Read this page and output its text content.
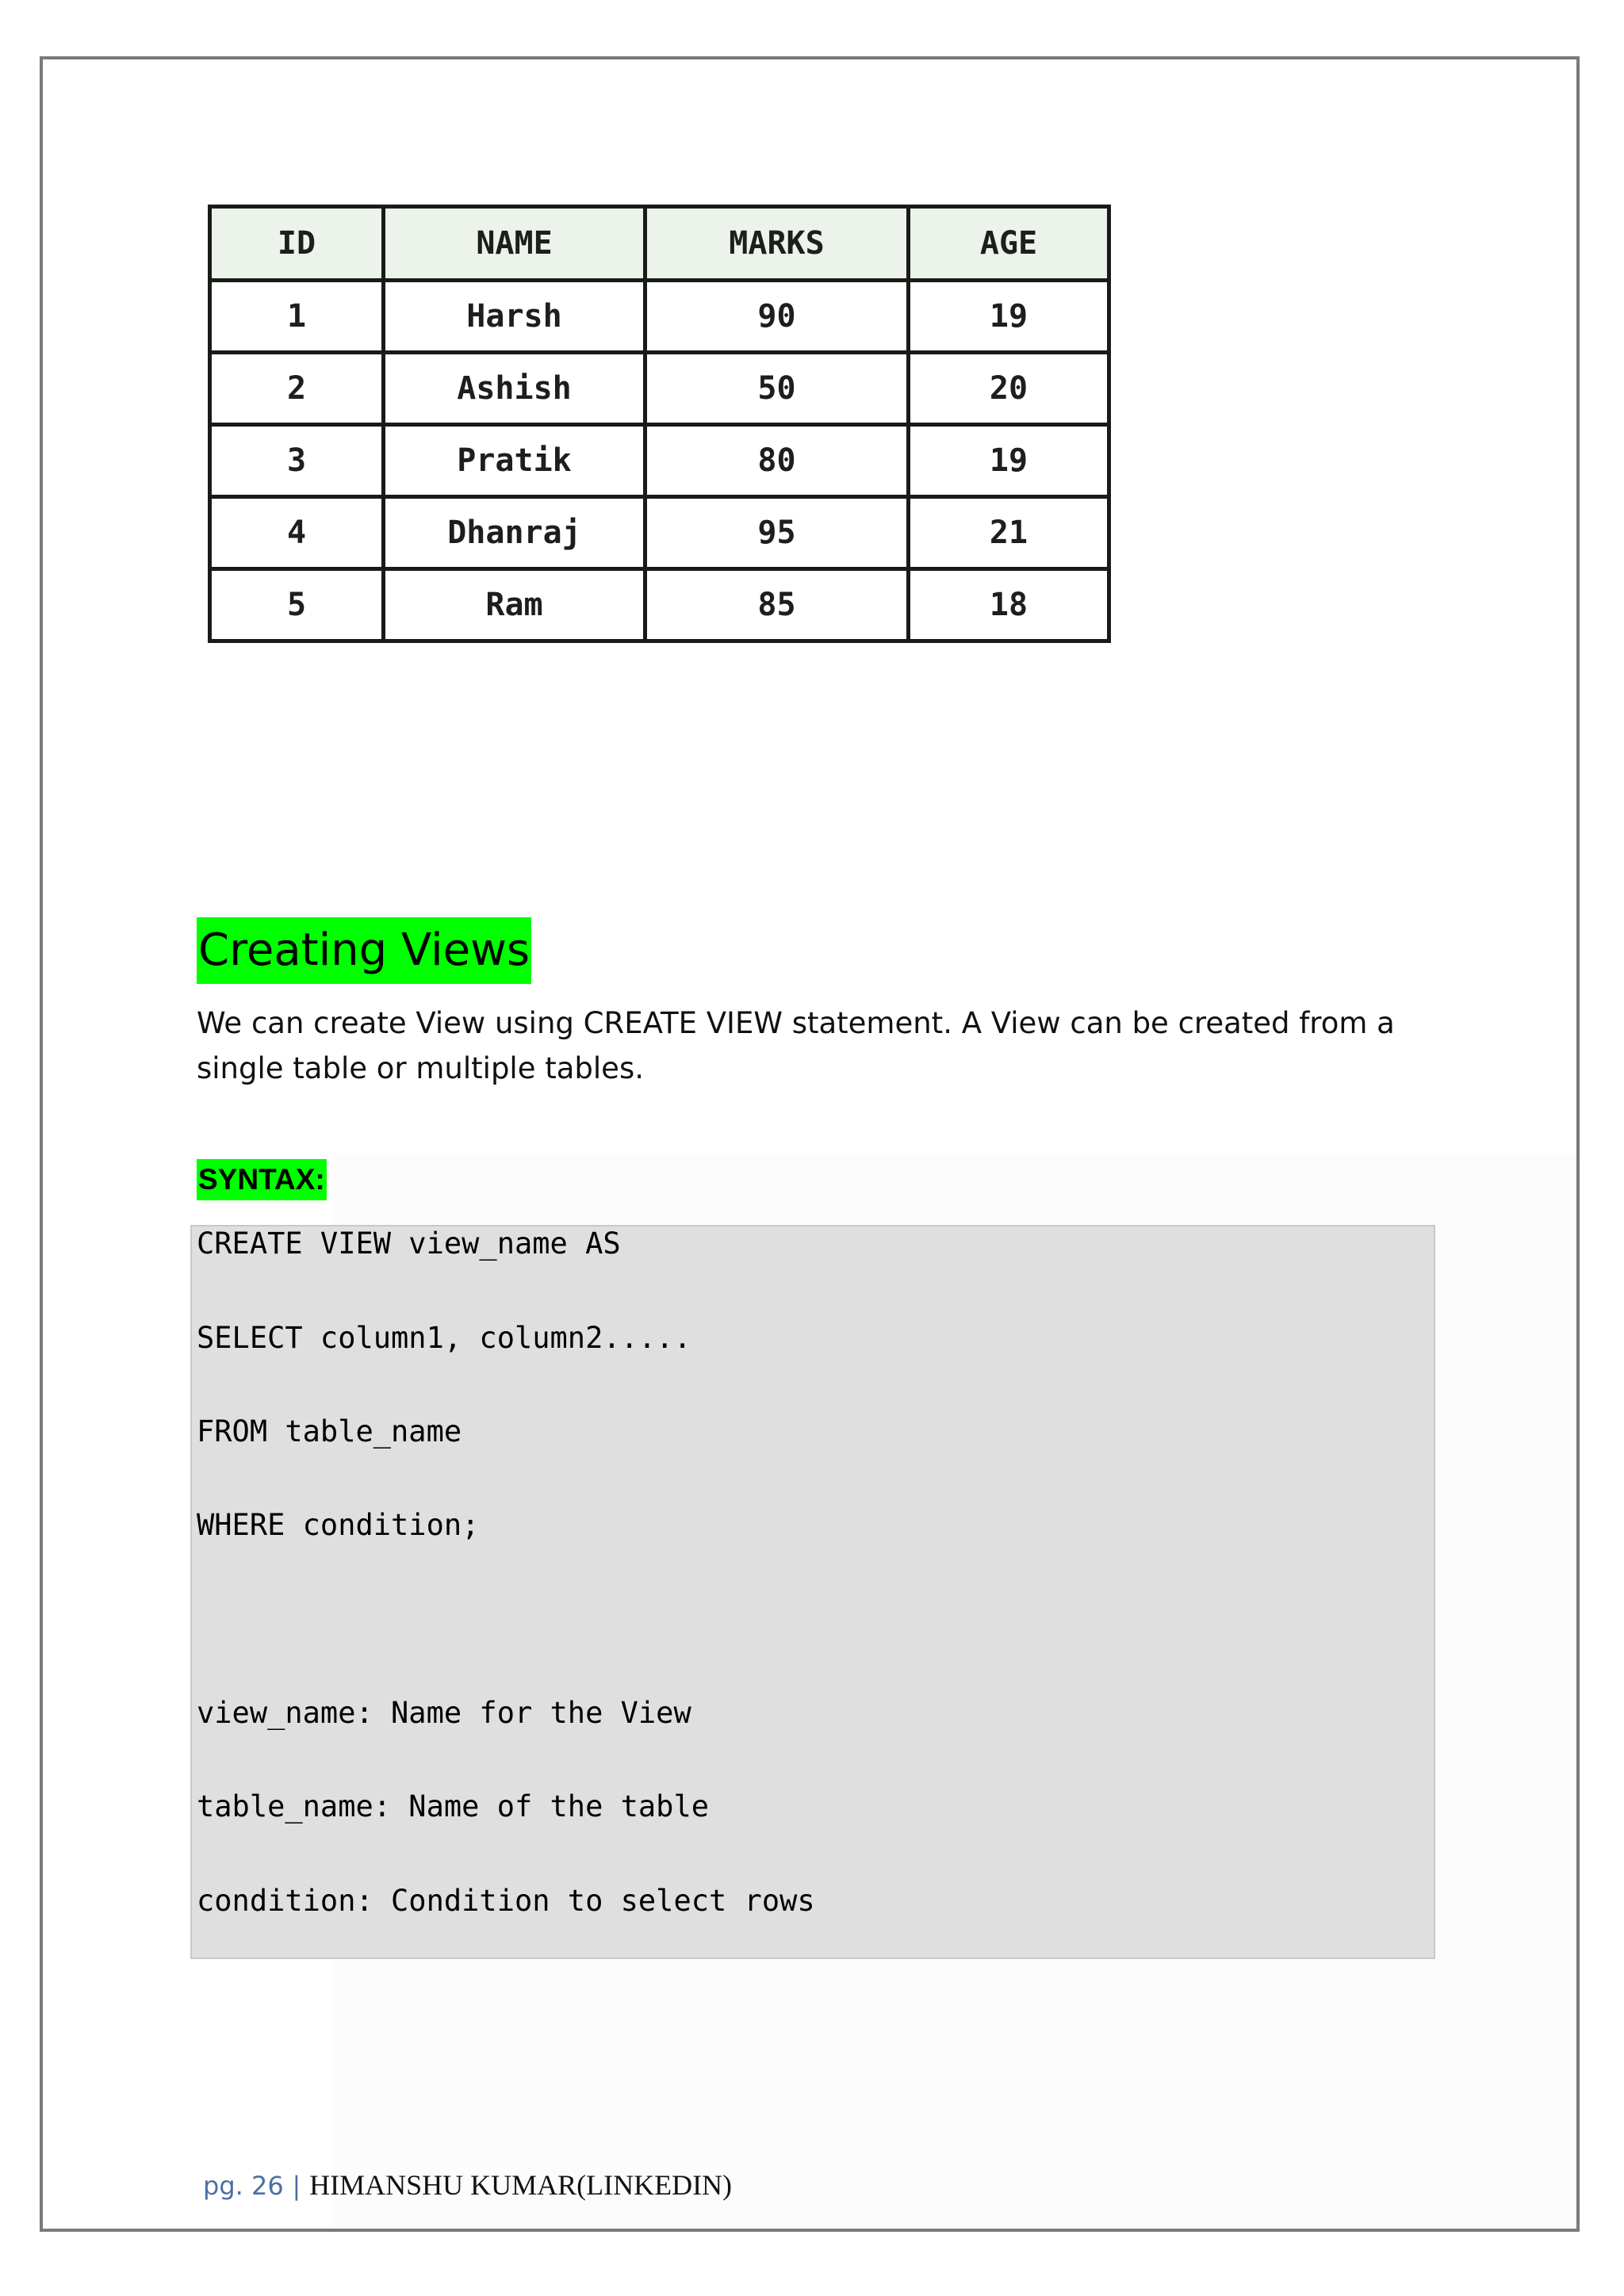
ID	NAME	MARKS	AGE
1	Harsh	90	19
2	Ashish	50	20
3	Pratik	80	19
4	Dhanraj	95	21
5	Ram	85	18
Creating Views
We can create View using CREATE VIEW statement. A View can be created from a single table or multiple tables.
SYNTAX:
CREATE VIEW view_name AS
SELECT column1, column2.....
FROM table_name
WHERE condition;
view_name: Name for the View
table_name: Name of the table
condition: Condition to select rows
pg. 26 | HIMANSHU KUMAR(LINKEDIN)
